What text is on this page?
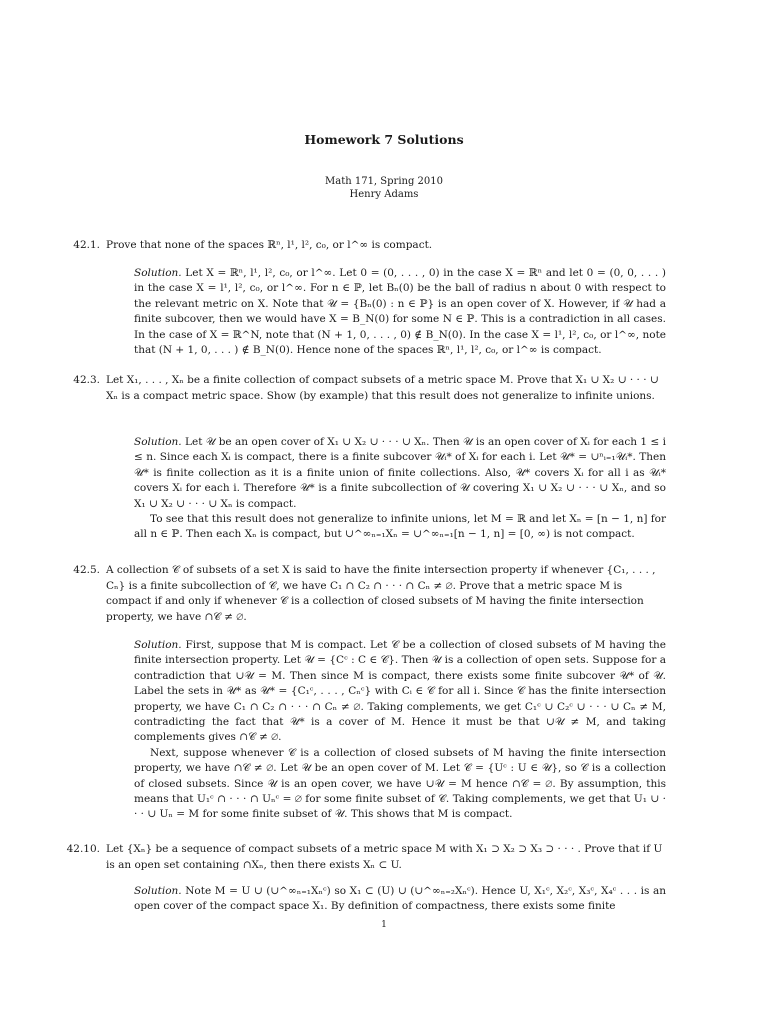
Homework 7 Solutions
Math 171, Spring 2010
Henry Adams
42.1. Prove that none of the spaces ℝⁿ, l¹, l², c₀, or l^∞ is compact.

Solution. Let X = ℝⁿ, l¹, l², c₀, or l^∞. Let 0 = (0, . . . , 0) in the case X = ℝⁿ and let 0 = (0, 0, . . . ) in the case X = l¹, l², c₀, or l^∞. For n ∈ ℙ, let Bₙ(0) be the ball of radius n about 0 with respect to the relevant metric on X. Note that 𝒰 = {Bₙ(0) : n ∈ ℙ} is an open cover of X. However, if 𝒰 had a finite subcover, then we would have X = B_N(0) for some N ∈ ℙ. This is a contradiction in all cases. In the case of X = ℝ^N, note that (N + 1, 0, . . . , 0) ∉ B_N(0). In the case X = l¹, l², c₀, or l^∞, note that (N + 1, 0, . . . ) ∉ B_N(0). Hence none of the spaces ℝⁿ, l¹, l², c₀, or l^∞ is compact.

42.3. Let X₁, . . . , Xₙ be a finite collection of compact subsets of a metric space M. Prove that X₁ ∪ X₂ ∪ · · · ∪ Xₙ is a compact metric space. Show (by example) that this result does not generalize to infinite unions.

Solution. Let 𝒰 be an open cover of X₁ ∪ X₂ ∪ · · · ∪ Xₙ. Then 𝒰 is an open cover of Xᵢ for each 1 ≤ i ≤ n. Since each Xᵢ is compact, there is a finite subcover 𝒰ᵢ* of Xᵢ for each i. Let 𝒰* = ∪ⁿᵢ₌₁𝒰ᵢ*. Then 𝒰* is finite collection as it is a finite union of finite collections. Also, 𝒰* covers Xᵢ for all i as 𝒰ᵢ* covers Xᵢ for each i. Therefore 𝒰* is a finite subcollection of 𝒰 covering X₁ ∪ X₂ ∪ · · · ∪ Xₙ, and so X₁ ∪ X₂ ∪ · · · ∪ Xₙ is compact.

To see that this result does not generalize to infinite unions, let M = ℝ and let Xₙ = [n − 1, n] for all n ∈ ℙ. Then each Xₙ is compact, but ∪^∞ₙ₌₁Xₙ = ∪^∞ₙ₌₁[n − 1, n] = [0, ∞) is not compact.

42.5. A collection 𝒞 of subsets of a set X is said to have the finite intersection property if whenever {C₁, . . . , Cₙ} is a finite subcollection of 𝒞, we have C₁ ∩ C₂ ∩ · · · ∩ Cₙ ≠ ∅. Prove that a metric space M is compact if and only if whenever 𝒞 is a collection of closed subsets of M having the finite intersection property, we have ∩𝒞 ≠ ∅.

Solution. First, suppose that M is compact. Let 𝒞 be a collection of closed subsets of M having the finite intersection property. Let 𝒰 = {Cᶜ : C ∈ 𝒞}. Then 𝒰 is a collection of open sets. Suppose for a contradiction that ∪𝒰 = M. Then since M is compact, there exists some finite subcover 𝒰* of 𝒰. Label the sets in 𝒰* as 𝒰* = {C₁ᶜ, . . . , Cₙᶜ} with Cᵢ ∈ 𝒞 for all i. Since 𝒞 has the finite intersection property, we have C₁ ∩ C₂ ∩ · · · ∩ Cₙ ≠ ∅. Taking complements, we get C₁ᶜ ∪ C₂ᶜ ∪ · · · ∪ Cₙ ≠ M, contradicting the fact that 𝒰* is a cover of M. Hence it must be that ∪𝒰 ≠ M, and taking complements gives ∩𝒞 ≠ ∅.

Next, suppose whenever 𝒞 is a collection of closed subsets of M having the finite intersection property, we have ∩𝒞 ≠ ∅. Let 𝒰 be an open cover of M. Let 𝒞 = {Uᶜ : U ∈ 𝒰}, so 𝒞 is a collection of closed subsets. Since 𝒰 is an open cover, we have ∪𝒰 = M hence ∩𝒞 = ∅. By assumption, this means that U₁ᶜ ∩ · · · ∩ Uₙᶜ = ∅ for some finite subset of 𝒞. Taking complements, we get that U₁ ∪ · · · ∪ Uₙ = M for some finite subset of 𝒰. This shows that M is compact.

42.10. Let {Xₙ} be a sequence of compact subsets of a metric space M with X₁ ⊃ X₂ ⊃ X₃ ⊃ · · · . Prove that if U is an open set containing ∩Xₙ, then there exists Xₙ ⊂ U.

Solution. Note M = U ∪ (∪^∞ₙ₌₁Xₙᶜ) so X₁ ⊂ (U) ∪ (∪^∞ₙ₌₂Xₙᶜ). Hence U, X₁ᶜ, X₂ᶜ, X₃ᶜ, X₄ᶜ . . . is an open cover of the compact space X₁. By definition of compactness, there exists some finite

1
